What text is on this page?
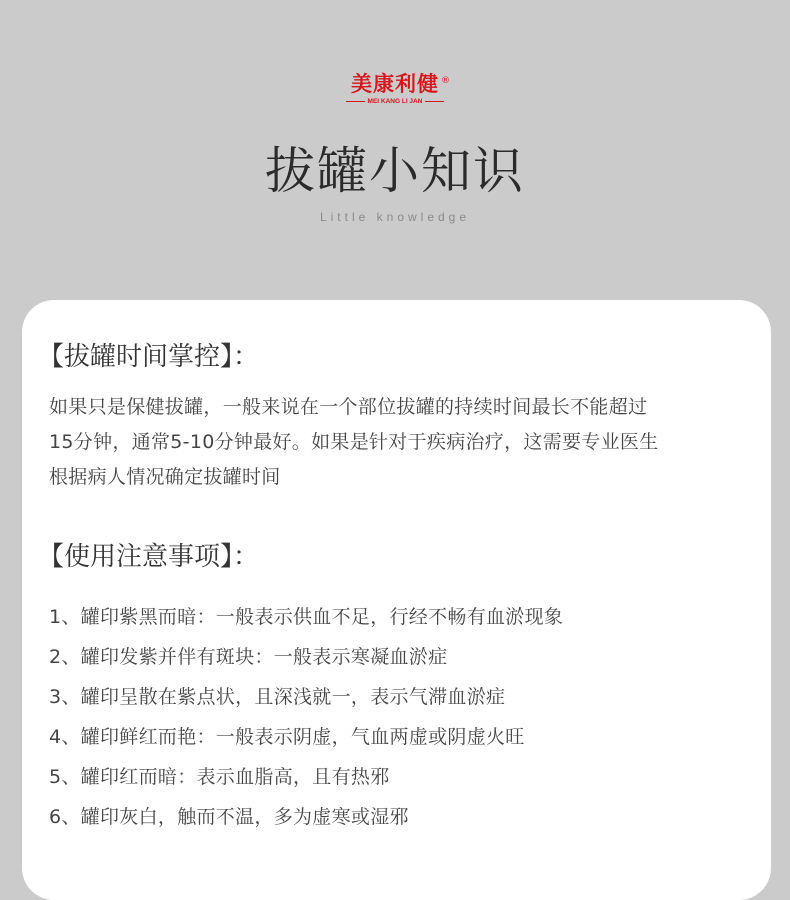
美康利健 ®
MEI KANG LI JAN
拔罐小知识
Little knowledge
【拔罐时间掌控】：

如果只是保健拔罐，一般来说在一个部位拔罐的持续时间最长不能超过
15分钟，通常5-10分钟最好。如果是针对于疾病治疗，这需要专业医生
根据病人情况确定拔罐时间

【使用注意事项】：
1、罐印紫黑而暗：一般表示供血不足，行经不畅有血淤现象
2、罐印发紫并伴有斑块：一般表示寒凝血淤症
3、罐印呈散在紫点状，且深浅就一，表示气滞血淤症
4、罐印鲜红而艳：一般表示阴虚，气血两虚或阴虚火旺
5、罐印红而暗：表示血脂高，且有热邪
6、罐印灰白，触而不温，多为虚寒或湿邪
